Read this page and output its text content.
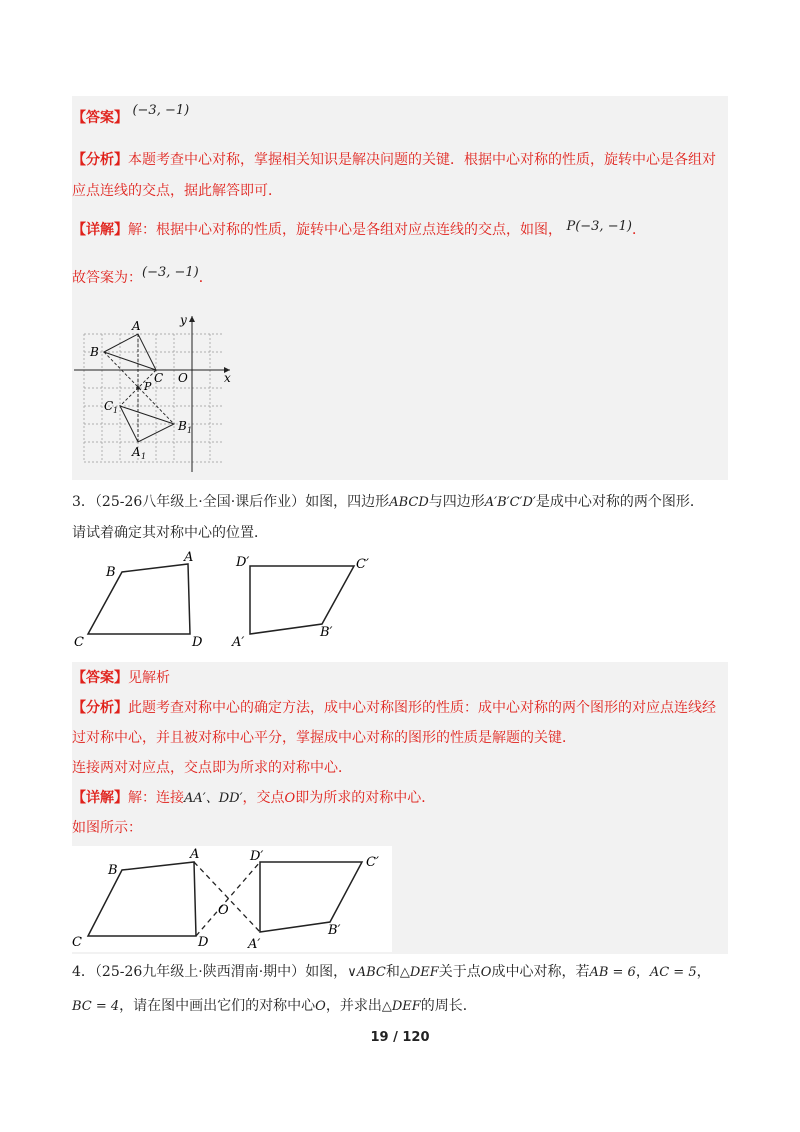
【答案】 (−3, −1)
【分析】本题考查中心对称，掌握相关知识是解决问题的关键．根据中心对称的性质，旋转中心是各组对
应点连线的交点，据此解答即可．
【详解】解：根据中心对称的性质，旋转中心是各组对应点连线的交点，如图， P(−3, −1)．
故答案为：(−3, −1)．
A
B
C
P
O	x
y
C 1
B 1
A 1
3．（25-26八年级上·全国·课后作业）如图，四边形ABCD与四边形A′B′C′D′是成中心对称的两个图形．
请试着确定其对称中心的位置．
B
A
C	D
D′	C′
B′
A′
【答案】见解析
【分析】此题考查对称中心的确定方法，成中心对称图形的性质：成中心对称的两个图形的对应点连线经
过对称中心，并且被对称中心平分，掌握成中心对称的图形的性质是解题的关键．
连接两对对应点，交点即为所求的对称中心．
【详解】解：连接AA′、DD′，交点O即为所求的对称中心．
如图所示：
B
A
C	D
O
D′	C′
B′
A′
4．（25-26九年级上·陕西渭南·期中）如图，∨ABC和△DEF关于点O成中心对称，若AB = 6，AC = 5，
BC = 4，请在图中画出它们的对称中心O，并求出△DEF的周长．
19 / 120
